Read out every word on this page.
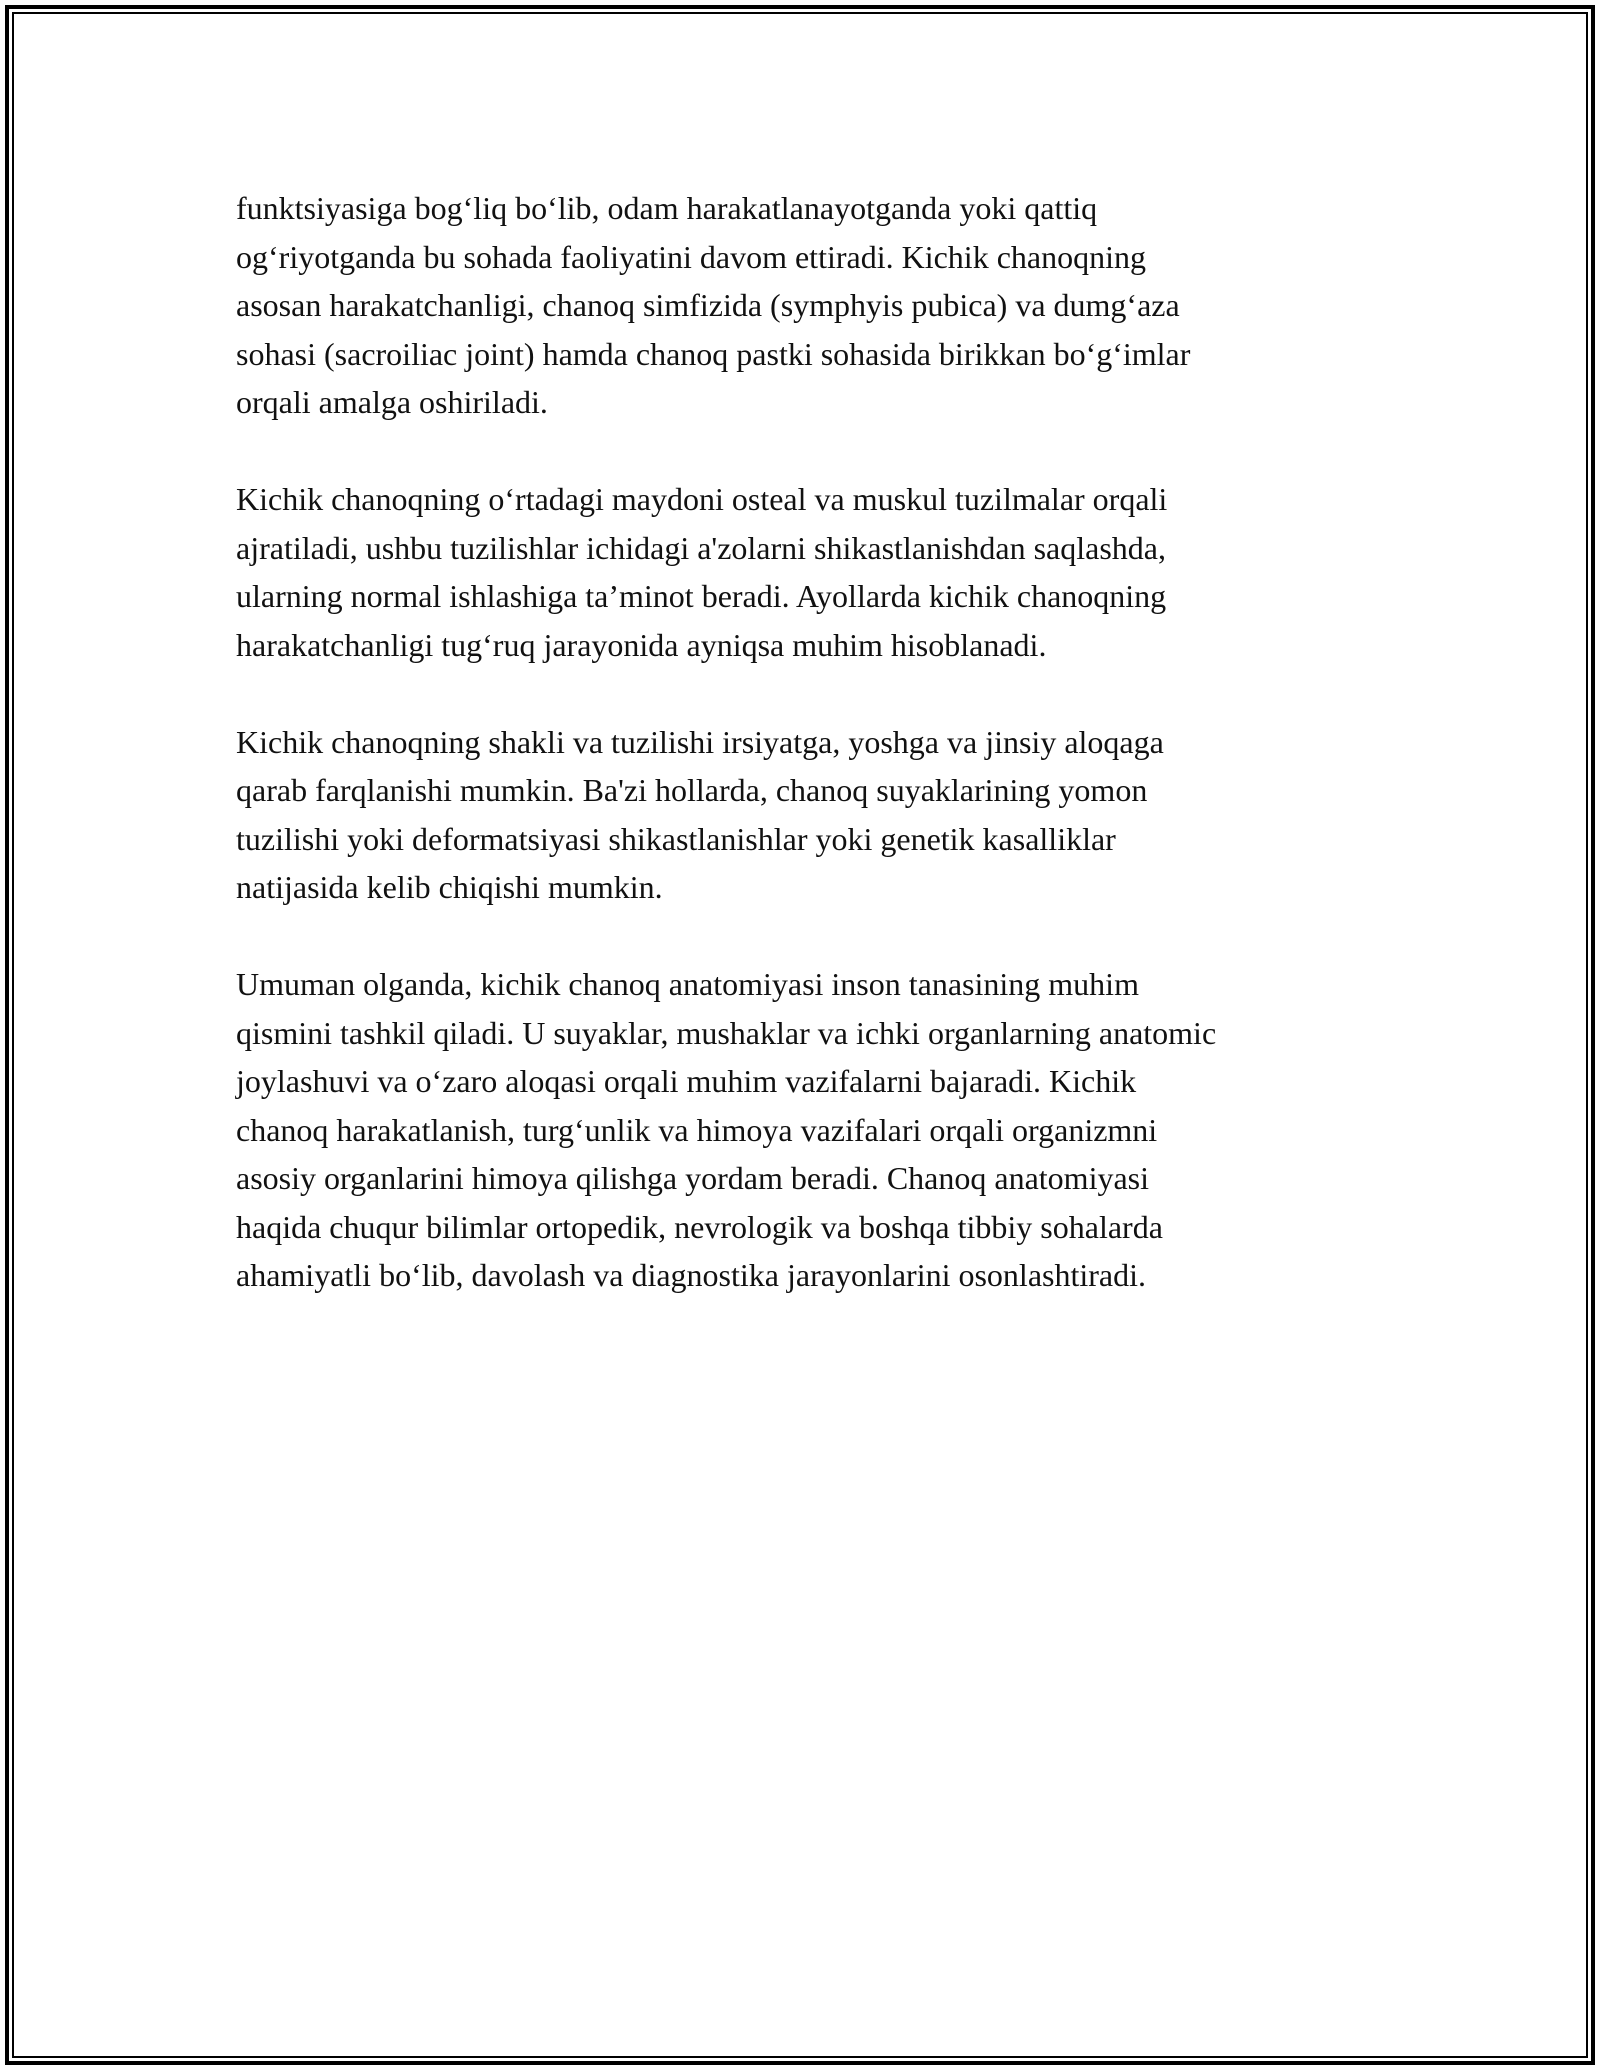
funktsiyasiga bog‘liq bo‘lib, odam harakatlanayotganda yoki qattiq
og‘riyotganda bu sohada faoliyatini davom ettiradi. Kichik chanoqning
asosan harakatchanligi, chanoq simfizida (symphyis pubica) va dumg‘aza
sohasi (sacroiliac joint) hamda chanoq pastki sohasida birikkan bo‘g‘imlar
orqali amalga oshiriladi.

Kichik chanoqning o‘rtadagi maydoni osteal va muskul tuzilmalar orqali
ajratiladi, ushbu tuzilishlar ichidagi a'zolarni shikastlanishdan saqlashda,
ularning normal ishlashiga ta’minot beradi. Ayollarda kichik chanoqning
harakatchanligi tug‘ruq jarayonida ayniqsa muhim hisoblanadi.

Kichik chanoqning shakli va tuzilishi irsiyatga, yoshga va jinsiy aloqaga
qarab farqlanishi mumkin. Ba'zi hollarda, chanoq suyaklarining yomon
tuzilishi yoki deformatsiyasi shikastlanishlar yoki genetik kasalliklar
natijasida kelib chiqishi mumkin.

Umuman olganda, kichik chanoq anatomiyasi inson tanasining muhim
qismini tashkil qiladi. U suyaklar, mushaklar va ichki organlarning anatomic
joylashuvi va o‘zaro aloqasi orqali muhim vazifalarni bajaradi. Kichik
chanoq harakatlanish, turg‘unlik va himoya vazifalari orqali organizmni
asosiy organlarini himoya qilishga yordam beradi. Chanoq anatomiyasi
haqida chuqur bilimlar ortopedik, nevrologik va boshqa tibbiy sohalarda
ahamiyatli bo‘lib, davolash va diagnostika jarayonlarini osonlashtiradi.
